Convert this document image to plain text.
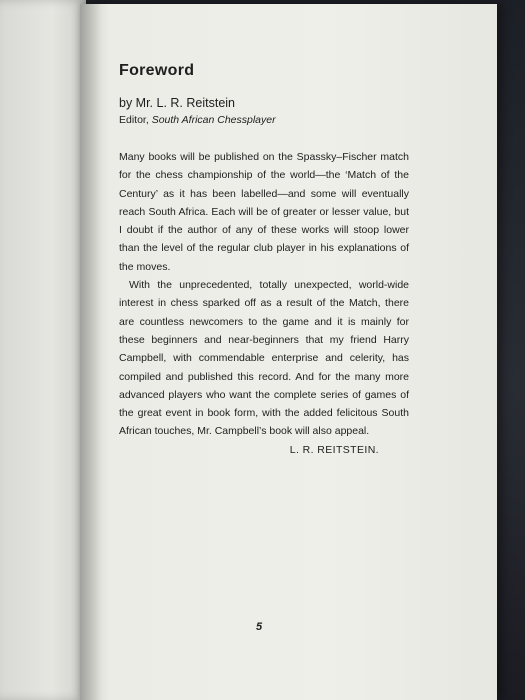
Foreword

by Mr. L. R. Reitstein

Editor, South African Chessplayer

Many books will be published on the Spassky–Fischer match for the chess championship of the world—the ‘Match of the Century’ as it has been labelled—and some will eventually reach South Africa. Each will be of greater or lesser value, but I doubt if the author of any of these works will stoop lower than the level of the regular club player in his explanations of the moves.

With the unprecedented, totally unexpected, world-wide interest in chess sparked off as a result of the Match, there are countless newcomers to the game and it is mainly for these beginners and near-beginners that my friend Harry Campbell, with commendable enterprise and celerity, has compiled and published this record. And for the many more advanced players who want the complete series of games of the great event in book form, with the added felicitous South African touches, Mr. Campbell’s book will also appeal.

L. R. REITSTEIN.

5
